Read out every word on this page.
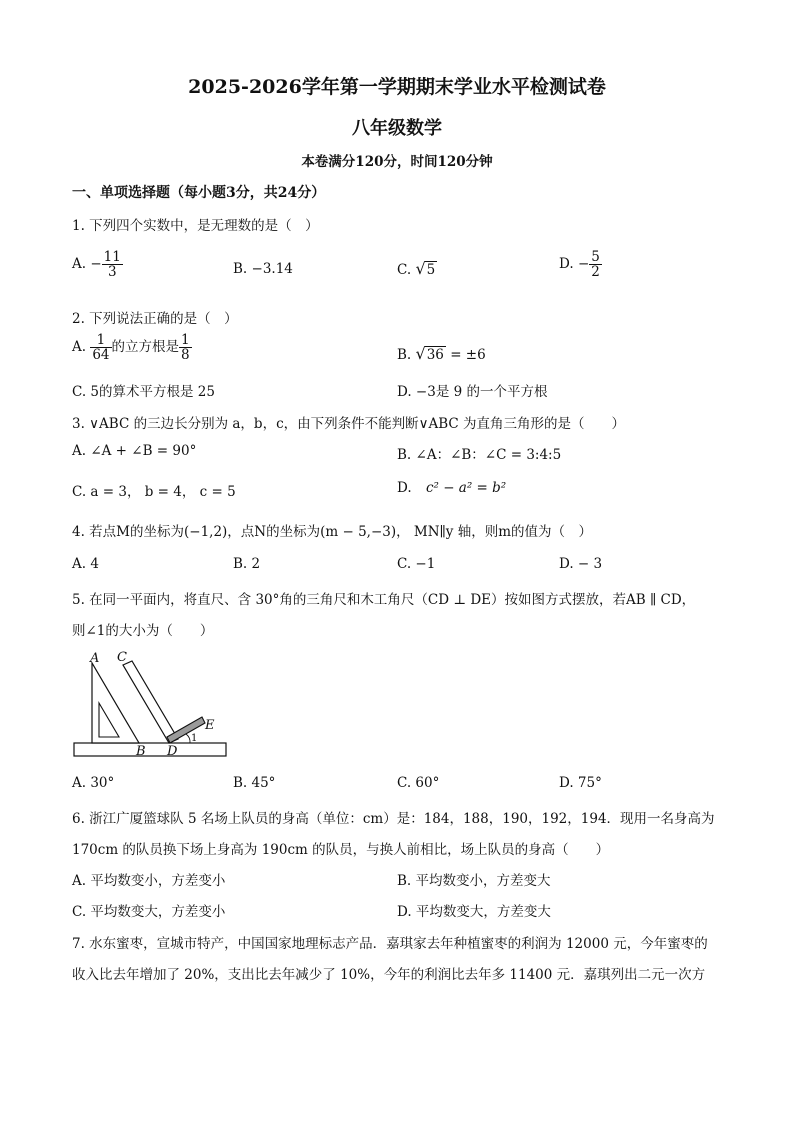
2025-2026学年第一学期期末学业水平检测试卷
八年级数学
本卷满分120分，时间120分钟
一、单项选择题（每小题3分，共24分）
1. 下列四个实数中，是无理数的是（　）
A. − $\frac{11}{3}$	B. −3.14	C. √5	D. − $\frac{5}{2}$
2. 下列说法正确的是（　）
A. $\frac{1}{64}$ 的立方根是 $\frac{1}{8}$	B. √36 = ±6
C. 5的算术平方根是 25	D. −3是 9 的一个平方根
3. ∨ABC 的三边长分别为 a，b，c，由下列条件不能判断∨ABC 为直角三角形的是（　　）
A. ∠A + ∠B = 90°	B. ∠A：∠B：∠C = 3:4:5
C. a = 3， b = 4， c = 5	D. c² − a² = b²
4. 若点M的坐标为(−1,2)，点N的坐标为(m − 5,−3)， MN∥y 轴，则m的值为（　）
A. 4	B. 2	C. −1	D. − 3
5. 在同一平面内，将直尺、含 30°角的三角尺和木工角尺（CD ⊥ DE）按如图方式摆放，若AB ∥ CD，
则∠1的大小为（　　）
A C
B D
E
1
A. 30°	B. 45°	C. 60°	D. 75°
6. 浙江广厦篮球队 5 名场上队员的身高（单位：cm）是：184，188，190，192，194．现用一名身高为
170cm 的队员换下场上身高为 190cm 的队员，与换人前相比，场上队员的身高（　　）
A. 平均数变小，方差变小	B. 平均数变小，方差变大
C. 平均数变大，方差变小	D. 平均数变大，方差变大
7. 水东蜜枣，宣城市特产，中国国家地理标志产品．嘉琪家去年种植蜜枣的利润为 12000 元，今年蜜枣的
收入比去年增加了 20%，支出比去年减少了 10%，今年的利润比去年多 11400 元．嘉琪列出二元一次方
